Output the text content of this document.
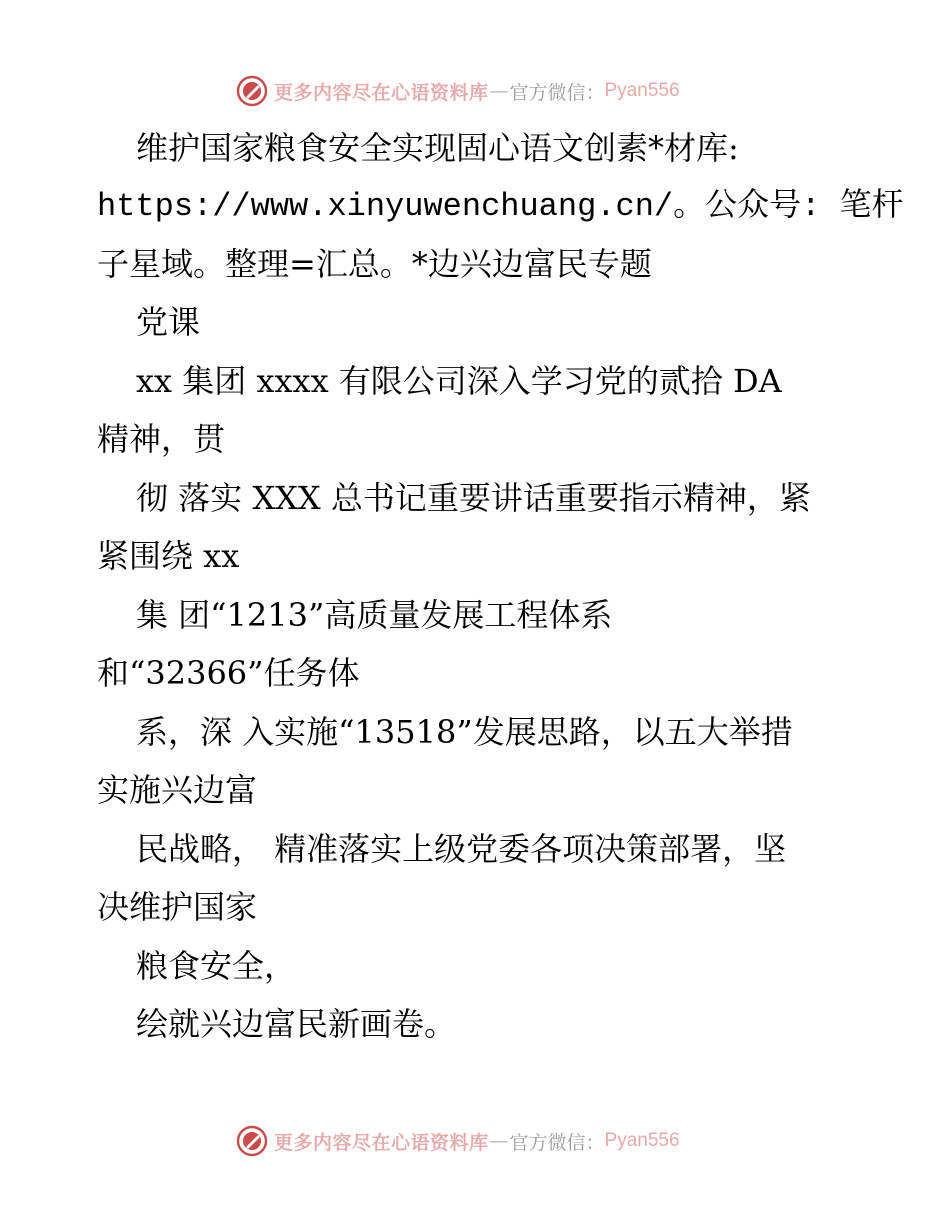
更多内容尽在心语资料库 — 官方微信： Pyan556
维护国家粮食安全实现固心语文创素*材库:
https://www.xinyuwenchuang.cn/。公众号: 笔杆
子星域。整理=汇总。*边兴边富民专题
党课
xx 集团 xxxx 有限公司深入学习党的贰拾 DA
精神，贯
彻 落实 XXX 总书记重要讲话重要指示精神，紧
紧围绕 xx
集 团“1213”高质量发展工程体系
和“32366”任务体
系，深 入实施“13518”发展思路，以五大举措
实施兴边富
民战略， 精准落实上级党委各项决策部署，坚
决维护国家
粮食安全，
绘就兴边富民新画卷。
更多内容尽在心语资料库 — 官方微信： Pyan556
